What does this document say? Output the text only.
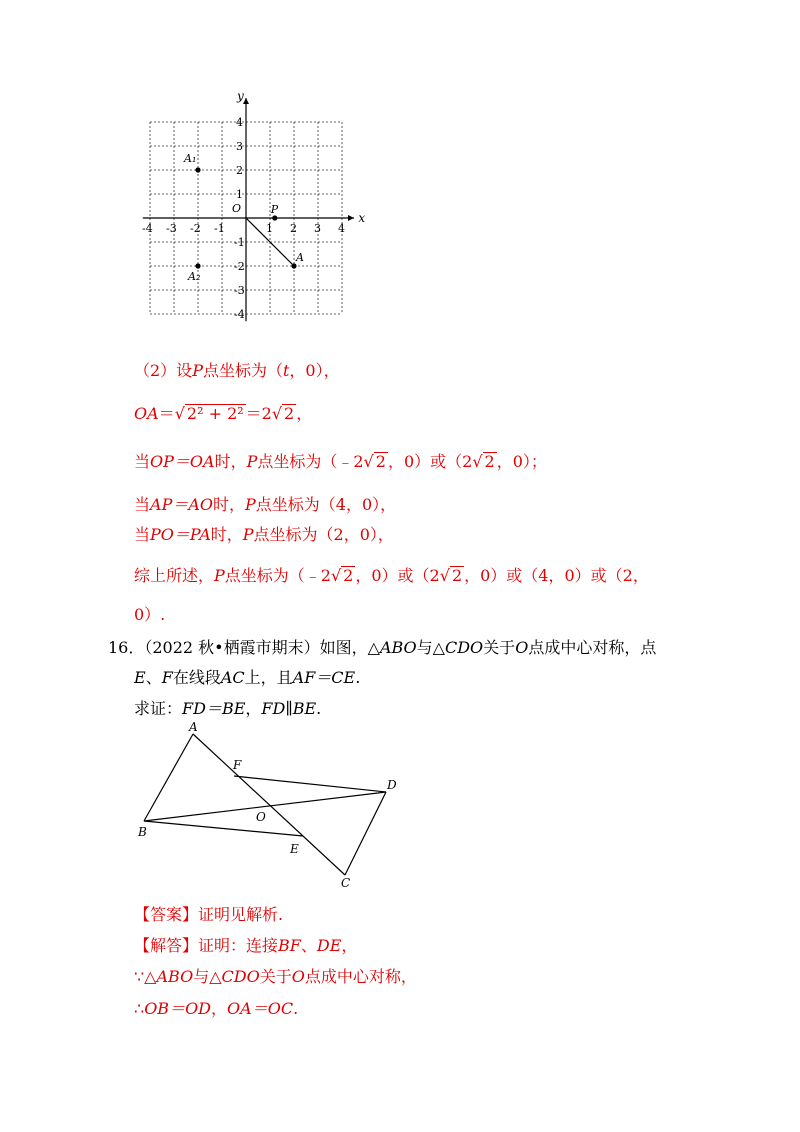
x
y
O
-4 -3 -2 -1	1 2 3 4
4
3
2
1
-1
-2
-3
-4
A₁
A₂
P
A
（2）设P点坐标为（t，0），
OA＝√ 2² + 2² ＝2√ 2 ，
当OP＝OA时，P点坐标为（﹣2√ 2 ，0）或（2√ 2 ，0）；
当AP＝AO时，P点坐标为（4，0），
当PO＝PA时，P点坐标为（2，0），
综上所述，P点坐标为（﹣2√ 2 ，0）或（2√ 2 ，0）或（4，0）或（2，
0）.
16．（2022 秋•栖霞市期末）如图，△ABO与△CDO关于O点成中心对称，点
E、F在线段AC上，且AF＝CE.
求证：FD＝BE，FD∥BE.
A
F
D
O
B
E
C
【答案】证明见解析.
【解答】证明：连接BF、DE，
∵△ABO与△CDO关于O点成中心对称，
∴OB＝OD，OA＝OC.
